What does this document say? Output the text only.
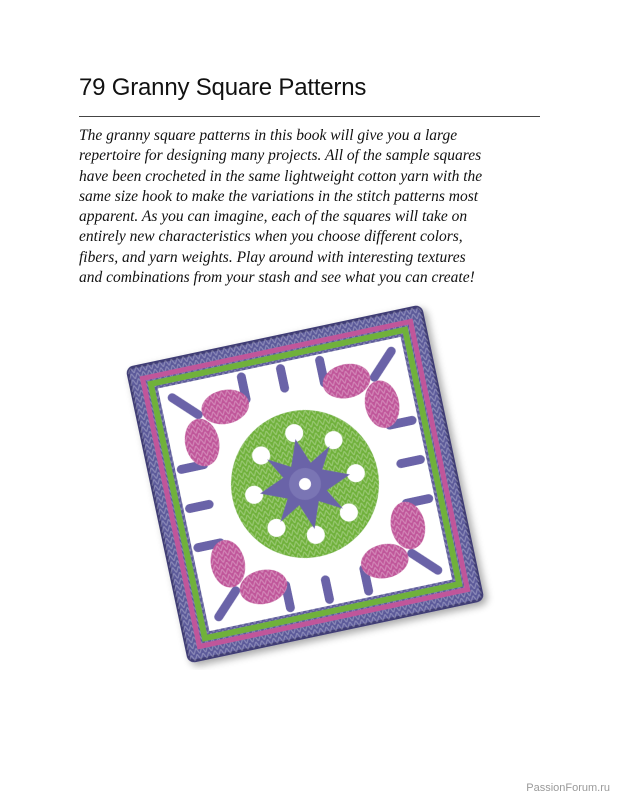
79 Granny Square Patterns

The granny square patterns in this book will give you a large
repertoire for designing many projects. All of the sample squares
have been crocheted in the same lightweight cotton yarn with the
same size hook to make the variations in the stitch patterns most
apparent. As you can imagine, each of the squares will take on
entirely new characteristics when you choose different colors,
fibers, and yarn weights. Play around with interesting textures
and combinations from your stash and see what you can create!

PassionForum.ru
